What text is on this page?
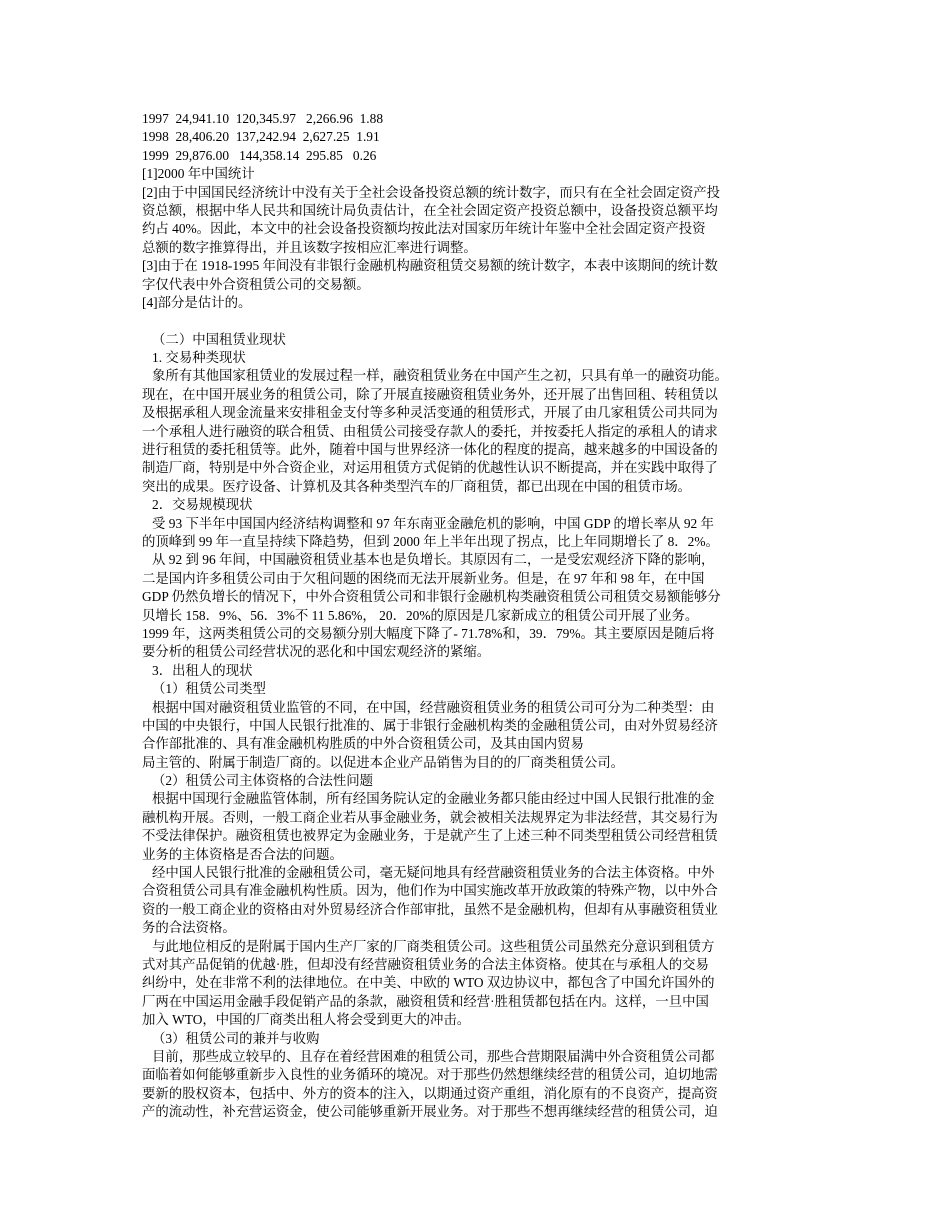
1997  24,941.10  120,345.97   2,266.96  1.88
1998  28,406.20  137,242.94  2,627.25  1.91
1999  29,876.00   144,358.14  295.85   0.26
[1]2000 年中国统计
[2]由于中国国民经济统计中没有关于全社会设备投资总额的统计数字，而只有在全社会固定资产投
资总额，根据中华人民共和国统计局负责估计，在全社会固定资产投资总额中，设备投资总额平均
约占 40%。因此，本文中的社会设备投资额均按此法对国家历年统计年鉴中全社会固定资产投资
总额的数字推算得出，并且该数字按相应汇率进行调整。
[3]由于在 1918-1995 年间没有非银行金融机构融资租赁交易额的统计数字，本表中该期间的统计数
字仅代表中外合资租赁公司的交易额。
[4]部分是估计的。
（二）中国租赁业现状
1. 交易种类现状
象所有其他国家租赁业的发展过程一样，融资租赁业务在中国产生之初，只具有单一的融资功能。
现在，在中国开展业务的租赁公司，除了开展直接融资租赁业务外，还开展了出售回租、转租赁以
及根据承租人现金流量来安排租金支付等多种灵活变通的租赁形式，开展了由几家租赁公司共同为
一个承租人进行融资的联合租赁、由租赁公司接受存款人的委托，并按委托人指定的承租人的请求
进行租赁的委托租赁等。此外，随着中国与世界经济一体化的程度的提高，越来越多的中国设备的
制造厂商，特别是中外合资企业，对运用租赁方式促销的优越性认识不断提高，并在实践中取得了
突出的成果。医疗设备、计算机及其各种类型汽车的厂商租赁，都已出现在中国的租赁市场。
2．交易规模现状
受 93 下半年中国国内经济结构调整和 97 年东南亚金融危机的影响，中国 GDP 的增长率从 92 年
的顶峰到 99 年一直呈持续下降趋势，但到 2000 年上半年出现了拐点，比上年同期增长了 8．2%。
从 92 到 96 年间，中国融资租赁业基本也是负增长。其原因有二，一是受宏观经济下降的影响，
二是国内许多租赁公司由于欠租问题的困绕而无法开展新业务。但是，在 97 年和 98 年，在中国
GDP 仍然负增长的情况下，中外合资租赁公司和非银行金融机构类融资租赁公司租赁交易额能够分
贝增长 158．9%、56．3%不 11 5.86%， 20．20%的原因是几家新成立的租赁公司开展了业务。
1999 年，这两类租赁公司的交易额分别大幅度下降了- 71.78%和，39．79%。其主要原因是随后将
要分析的租赁公司经营状况的恶化和中国宏观经济的紧缩。
3．出租人的现状
（1）租赁公司类型
根据中国对融资租赁业监管的不同，在中国，经营融资租赁业务的租赁公司可分为二种类型：由
中国的中央银行，中国人民银行批准的、属于非银行金融机构类的金融租赁公司，由对外贸易经济
合作部批准的、具有准金融机构胜质的中外合资租赁公司，及其由国内贸易
局主管的、附属于制造厂商的。以促进本企业产品销售为目的的厂商类租赁公司。
（2）租赁公司主体资格的合法性问题
根据中国现行金融监管体制，所有经国务院认定的金融业务都只能由经过中国人民银行批准的金
融机构开展。否则，一般工商企业若从事金融业务，就会被相关法规界定为非法经营，其交易行为
不受法律保护。融资租赁也被界定为金融业务，于是就产生了上述三种不同类型租赁公司经营租赁
业务的主体资格是否合法的问题。
经中国人民银行批准的金融租赁公司，毫无疑问地具有经营融资租赁业务的合法主体资格。中外
合资租赁公司具有准金融机构性质。因为，他们作为中国实施改革开放政策的特殊产物，以中外合
资的一般工商企业的资格由对外贸易经济合作部审批，虽然不是金融机构，但却有从事融资租赁业
务的合法资格。
与此地位相反的是附属于国内生产厂家的厂商类租赁公司。这些租赁公司虽然充分意识到租赁方
式对其产品促销的优越·胜，但却没有经营融资租赁业务的合法主体资格。使其在与承租人的交易
纠纷中，处在非常不利的法律地位。在中美、中欧的 WTO 双边协议中，都包含了中国允许国外的
厂两在中国运用金融手段促销产品的条款，融资租赁和经营·胜租赁都包括在内。这样，一旦中国
加入 WTO，中国的厂商类出租人将会受到更大的冲击。
（3）租赁公司的兼并与收购
目前，那些成立较早的、且存在着经营困难的租赁公司，那些合营期限届满中外合资租赁公司都
面临着如何能够重新步入良性的业务循环的境况。对于那些仍然想继续经营的租赁公司，迫切地需
要新的股权资本，包括中、外方的资本的注入，以期通过资产重组，消化原有的不良资产，提高资
产的流动性，补充营运资金，使公司能够重新开展业务。对于那些不想再继续经营的租赁公司，迫
